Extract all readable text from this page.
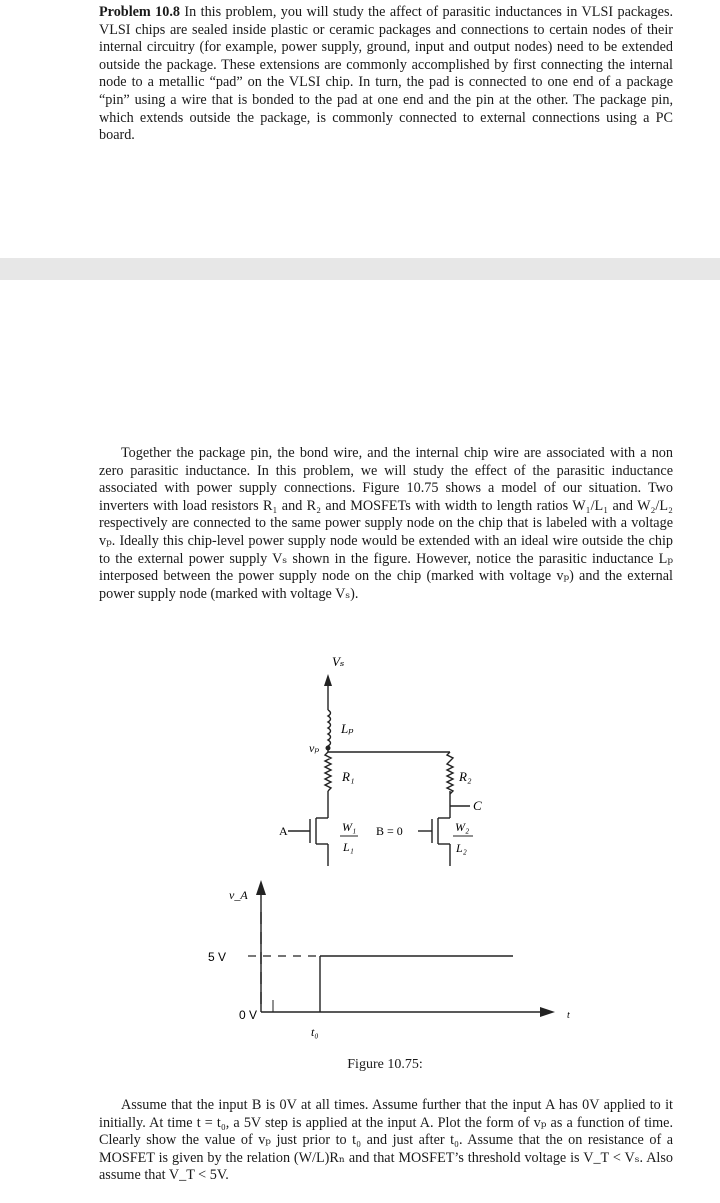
Problem 10.8 In this problem, you will study the affect of parasitic inductances in VLSI packages. VLSI chips are sealed inside plastic or ceramic packages and connections to certain nodes of their internal circuitry (for example, power supply, ground, input and output nodes) need to be extended outside the package. These extensions are commonly accomplished by first connecting the internal node to a metallic “pad” on the VLSI chip. In turn, the pad is connected to one end of a package “pin” using a wire that is bonded to the pad at one end and the pin at the other. The package pin, which extends outside the package, is commonly connected to external connections using a PC board.

Together the package pin, the bond wire, and the internal chip wire are associated with a non zero parasitic inductance. In this problem, we will study the effect of the parasitic inductance associated with power supply connections. Figure 10.75 shows a model of our situation. Two inverters with load resistors R₁ and R₂ and MOSFETs with width to length ratios W₁/L₁ and W₂/L₂ respectively are connected to the same power supply node on the chip that is labeled with a voltage vₚ. Ideally this chip-level power supply node would be extended with an ideal wire outside the chip to the external power supply Vₛ shown in the figure. However, notice the parasitic inductance Lₚ interposed between the power supply node on the chip (marked with voltage vₚ) and the external power supply node (marked with voltage Vₛ).

Vₛ
Lₚ
vₚ
R₁	R₂
C
W₁
L₁
W₂
L₂
A	B = 0
v_A
5 V
0 V
t₀
t
Figure 10.75:

Assume that the input B is 0V at all times. Assume further that the input A has 0V applied to it initially. At time t = t₀, a 5V step is applied at the input A. Plot the form of vₚ as a function of time. Clearly show the value of vₚ just prior to t₀ and just after t₀. Assume that the on resistance of a MOSFET is given by the relation (W/L)Rₙ and that MOSFET’s threshold voltage is V_T < Vₛ. Also assume that V_T < 5V.
